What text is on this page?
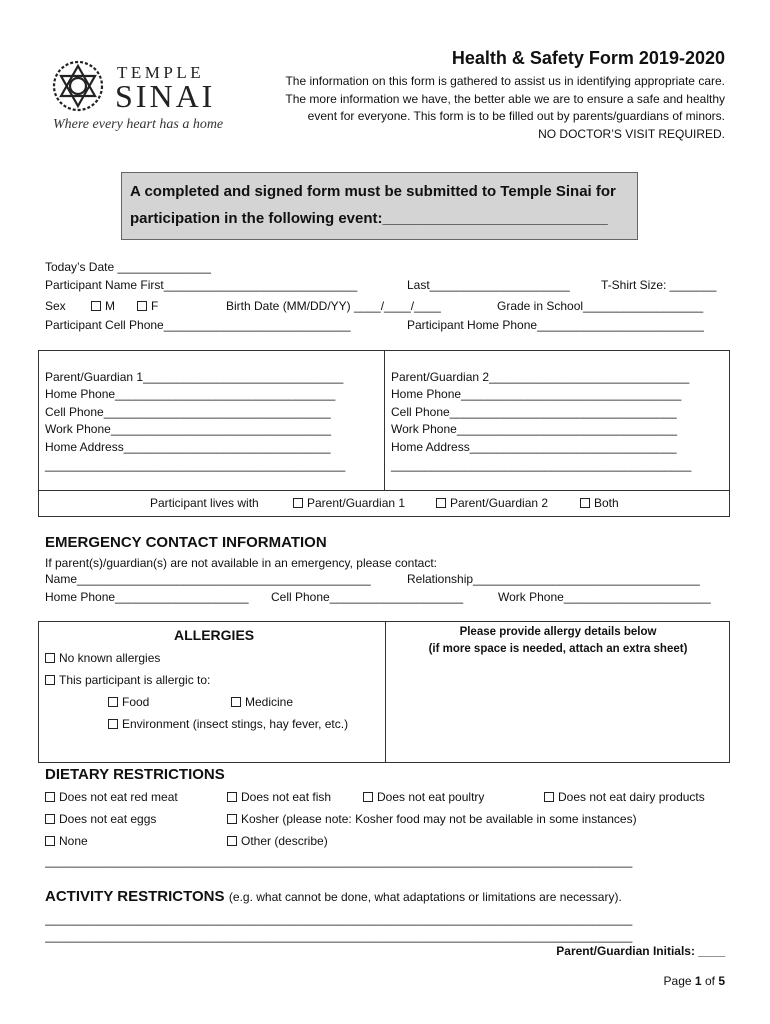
TEMPLE
SINAI
Where every heart has a home
Health & Safety Form 2019-2020
The information on this form is gathered to assist us in identifying appropriate care.
The more information we have, the better able we are to ensure a safe and healthy
event for everyone. This form is to be filled out by parents/guardians of minors.
NO DOCTOR’S VISIT REQUIRED.
A completed and signed form must be submitted to Temple Sinai for participation in the following event:___________________________
Today’s Date ______________
Participant Name First_____________________________	Last_____________________	T-Shirt Size: _______
Sex	M	F	Birth Date (MM/DD/YY) ____/____/____	Grade in School__________________
Participant Cell Phone____________________________	Participant Home Phone_________________________
Parent/Guardian 1______________________________
Home Phone_________________________________
Cell Phone__________________________________
Work Phone_________________________________
Home Address_______________________________
_____________________________________________
Parent/Guardian 2______________________________
Home Phone_________________________________
Cell Phone__________________________________
Work Phone_________________________________
Home Address_______________________________
_____________________________________________
Participant lives with	Parent/Guardian 1	Parent/Guardian 2	Both
EMERGENCY CONTACT INFORMATION
If parent(s)/guardian(s) are not available in an emergency, please contact:
Name____________________________________________	Relationship__________________________________
Home Phone____________________ Cell Phone____________________	Work Phone______________________
ALLERGIES
No known allergies
This participant is allergic to:
Food	Medicine
Environment (insect stings, hay fever, etc.)
Please provide allergy details below
(if more space is needed, attach an extra sheet)
DIETARY RESTRICTIONS
Does not eat red meat	Does not eat fish	Does not eat poultry	Does not eat dairy products
Does not eat eggs	Kosher (please note: Kosher food may not be available in some instances)
None	Other (describe)
________________________________________________________________________________________
ACTIVITY RESTRICTONS (e.g. what cannot be done, what adaptations or limitations are necessary).
________________________________________________________________________________________
________________________________________________________________________________________
Parent/Guardian Initials: ____
Page 1 of 5
